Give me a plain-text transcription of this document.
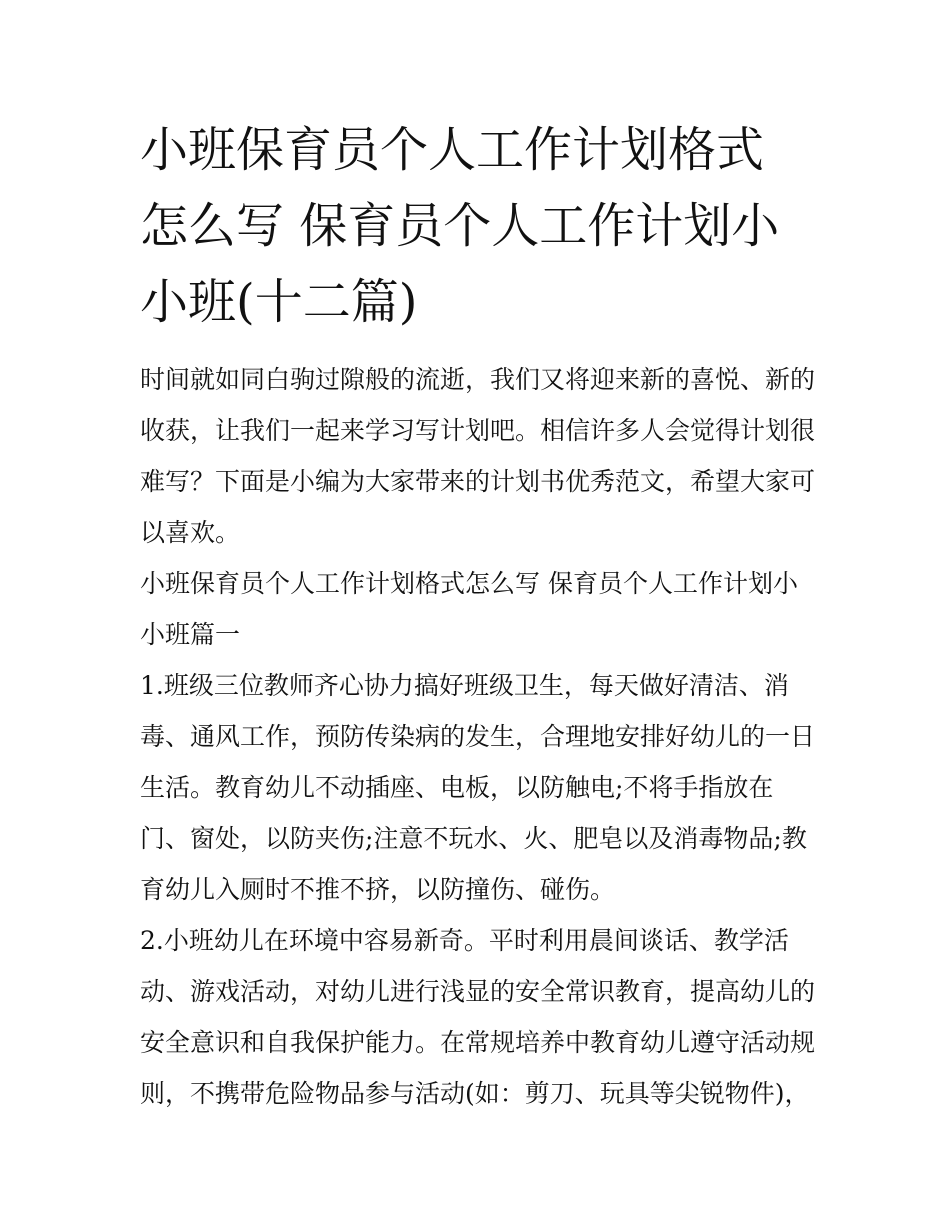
小班保育员个人工作计划格式
怎么写 保育员个人工作计划小
小班(十二篇)
时间就如同白驹过隙般的流逝，我们又将迎来新的喜悦、新的
收获，让我们一起来学习写计划吧。相信许多人会觉得计划很
难写？下面是小编为大家带来的计划书优秀范文，希望大家可
以喜欢。
小班保育员个人工作计划格式怎么写 保育员个人工作计划小
小班篇一
1.班级三位教师齐心协力搞好班级卫生，每天做好清洁、消
毒、通风工作，预防传染病的发生，合理地安排好幼儿的一日
生活。教育幼儿不动插座、电板，以防触电;不将手指放在
门、窗处，以防夹伤;注意不玩水、火、肥皂以及消毒物品;教
育幼儿入厕时不推不挤，以防撞伤、碰伤。
2.小班幼儿在环境中容易新奇。平时利用晨间谈话、教学活
动、游戏活动，对幼儿进行浅显的安全常识教育，提高幼儿的
安全意识和自我保护能力。在常规培养中教育幼儿遵守活动规
则，不携带危险物品参与活动(如：剪刀、玩具等尖锐物件)，
